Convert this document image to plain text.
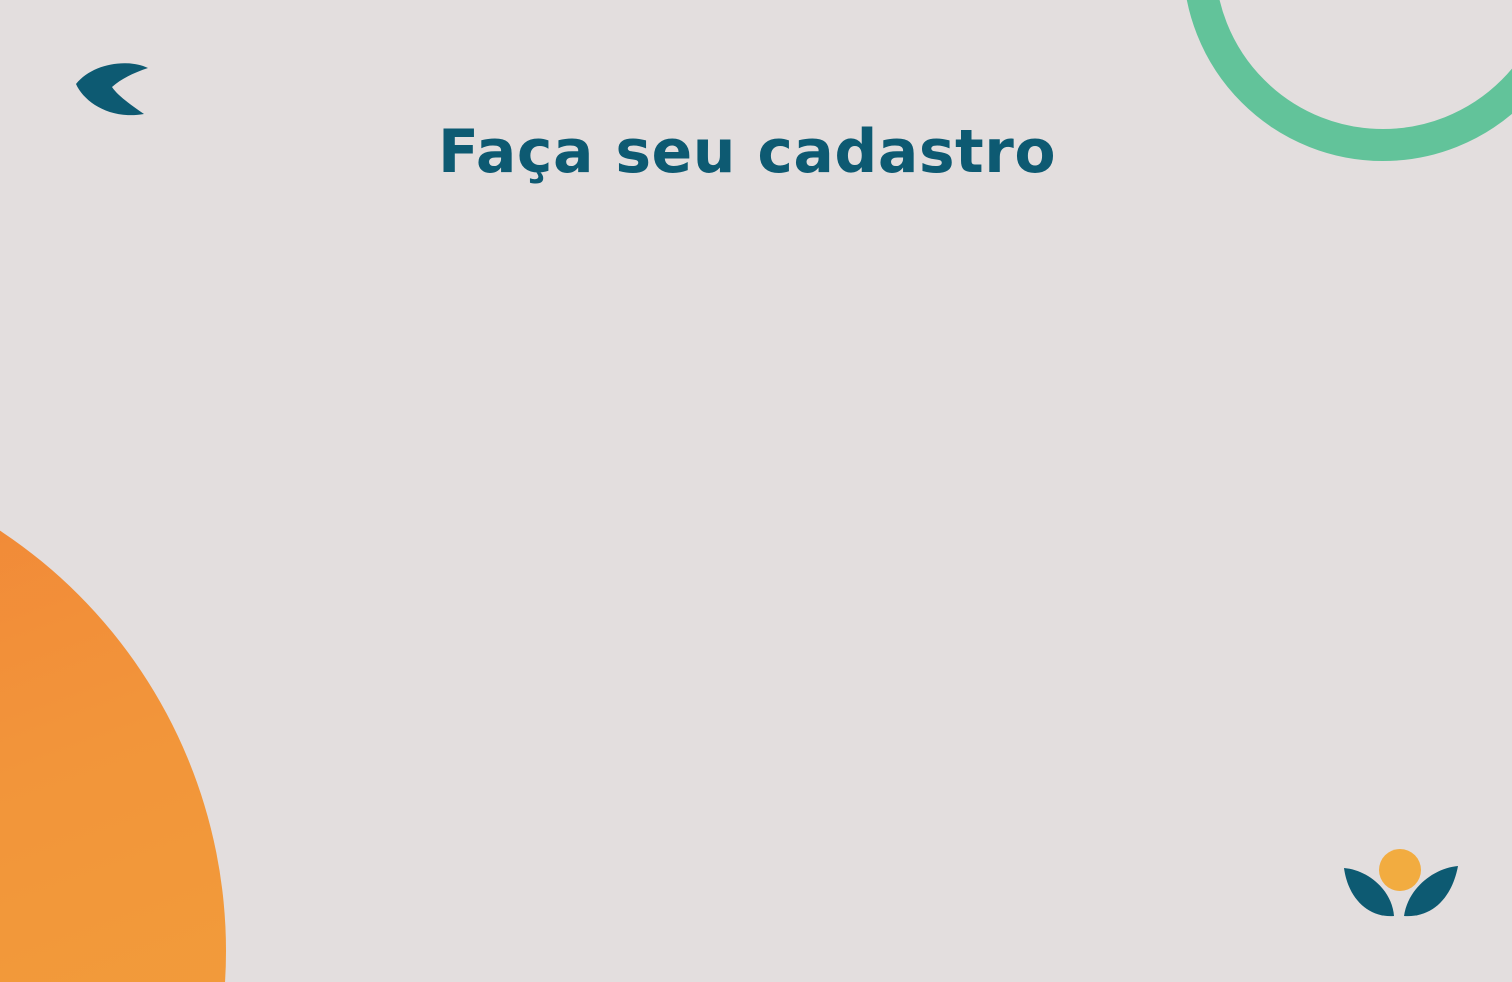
Faça seu cadastro
